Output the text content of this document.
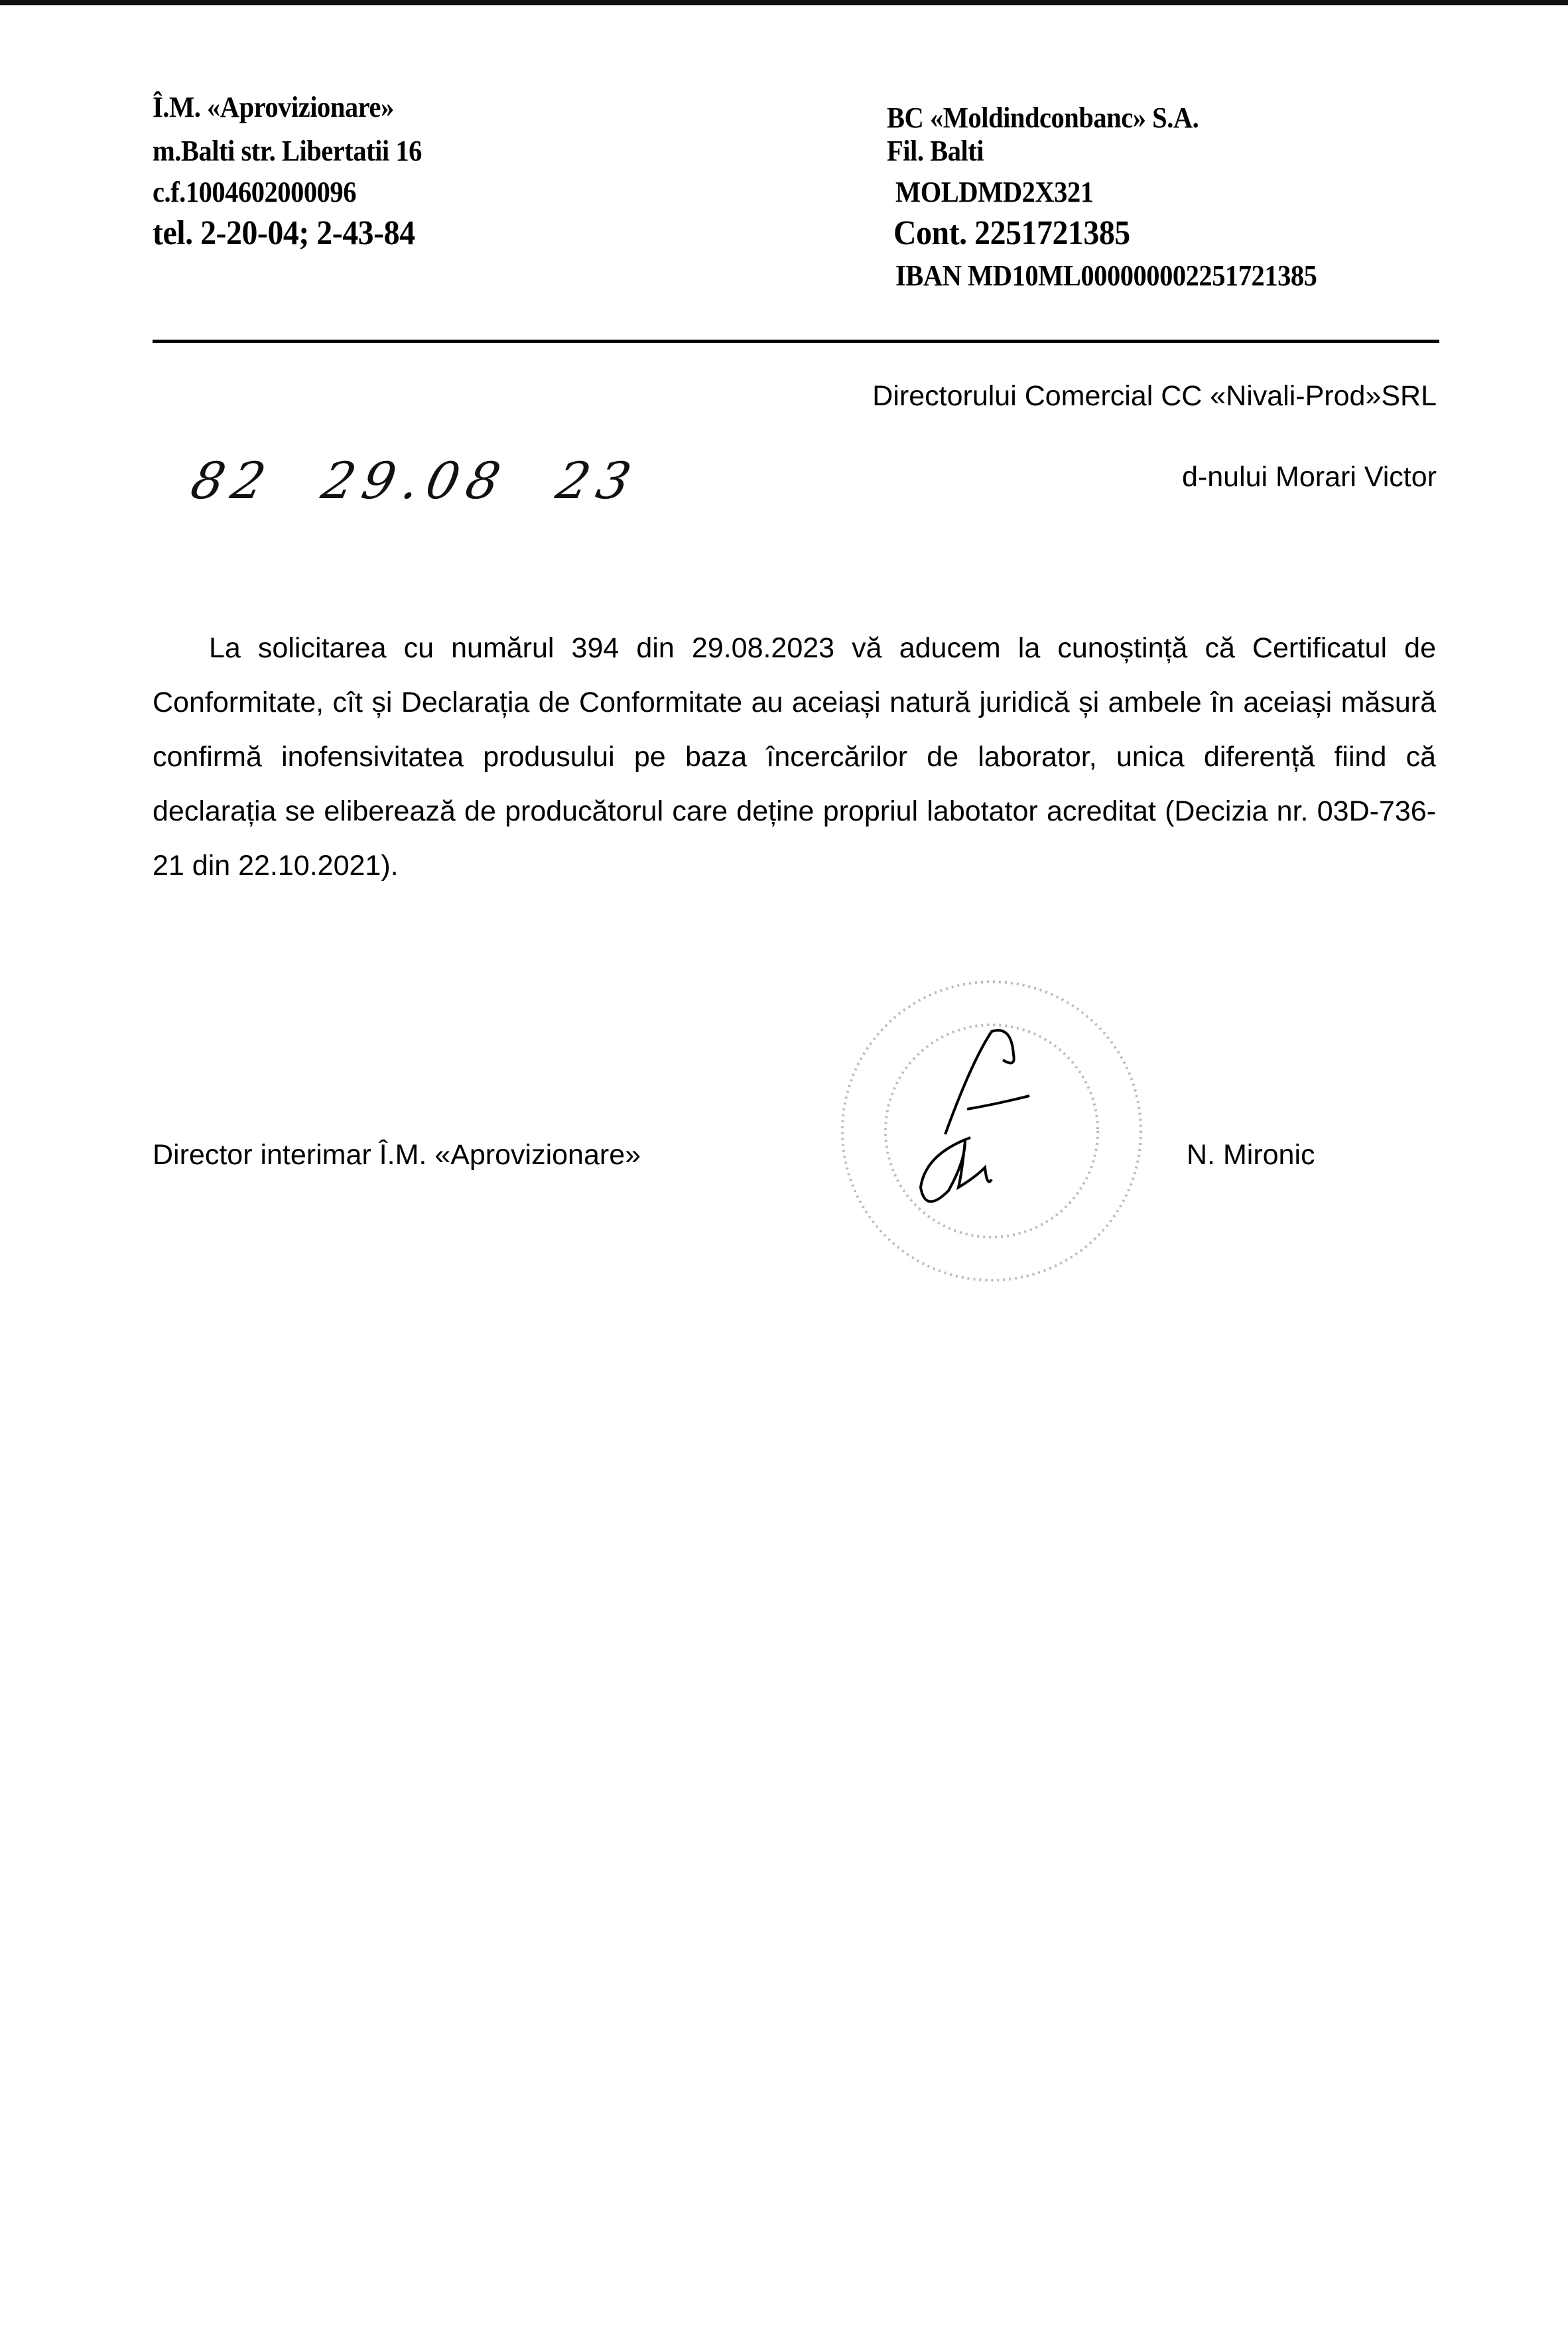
Î.M. «Aprovizionare»
m.Balti str. Libertatii 16
c.f.1004602000096
tel. 2-20-04; 2-43-84
BC «Moldindconbanc» S.A.
Fil. Balti
MOLDMD2X321
Cont. 2251721385
IBAN MD10ML000000002251721385
Directorului Comercial CC «Nivali-Prod»SRL
82 29.08 23	d-nului Morari Victor
La solicitarea cu numărul 394 din 29.08.2023 vă aducem la cunoștință că Certificatul de Conformitate, cît și Declarația de Conformitate au aceiași natură juridică și ambele în aceiași măsură confirmă inofensivitatea produsului pe baza încercărilor de laborator, unica diferență fiind că declarația se eliberează de producătorul care deține propriul labotator acreditat (Decizia nr. 03D-736-21 din 22.10.2021).
Director interimar Î.M. «Aprovizionare»	N. Mironic
